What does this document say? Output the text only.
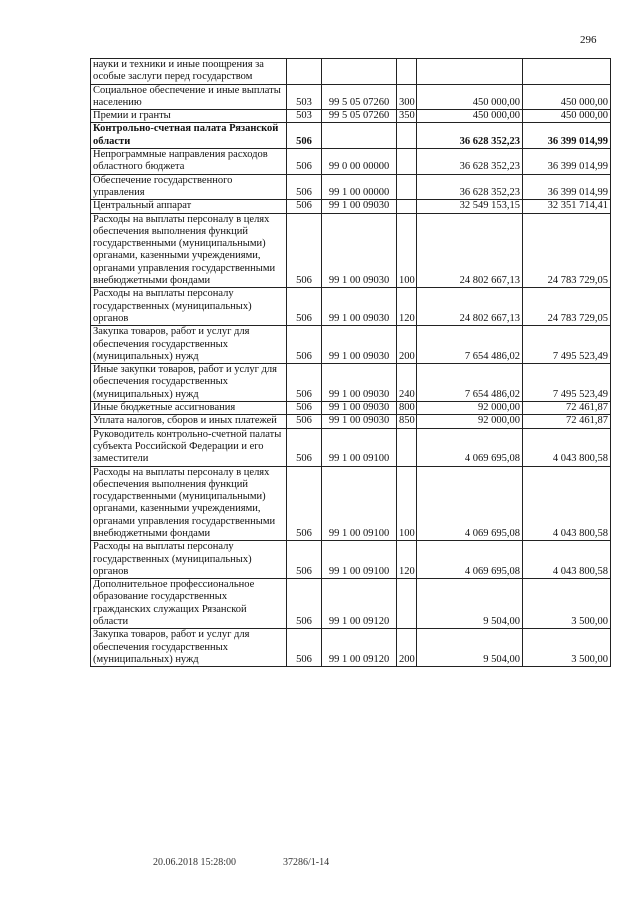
296
науки и техники и иные поощрения за особые заслуги перед государством					
Социальное обеспечение и иные выплаты населению	503	99 5 05 07260	300	450 000,00	450 000,00
Премии и гранты	503	99 5 05 07260	350	450 000,00	450 000,00
Контрольно-счетная палата Рязанской области	506			36 628 352,23	36 399 014,99
Непрограммные направления расходов областного бюджета	506	99 0 00 00000		36 628 352,23	36 399 014,99
Обеспечение государственного управления	506	99 1 00 00000		36 628 352,23	36 399 014,99
Центральный аппарат	506	99 1 00 09030		32 549 153,15	32 351 714,41
Расходы на выплаты персоналу в целях обеспечения выполнения функций государственными (муниципальными) органами, казенными учреждениями, органами управления государственными внебюджетными фондами	506	99 1 00 09030	100	24 802 667,13	24 783 729,05
Расходы на выплаты персоналу государственных (муниципальных) органов	506	99 1 00 09030	120	24 802 667,13	24 783 729,05
Закупка товаров, работ и услуг для обеспечения государственных (муниципальных) нужд	506	99 1 00 09030	200	7 654 486,02	7 495 523,49
Иные закупки товаров, работ и услуг для обеспечения государственных (муниципальных) нужд	506	99 1 00 09030	240	7 654 486,02	7 495 523,49
Иные бюджетные ассигнования	506	99 1 00 09030	800	92 000,00	72 461,87
Уплата налогов, сборов и иных платежей	506	99 1 00 09030	850	92 000,00	72 461,87
Руководитель контрольно-счетной палаты субъекта Российской Федерации и его заместители	506	99 1 00 09100		4 069 695,08	4 043 800,58
Расходы на выплаты персоналу в целях обеспечения выполнения функций государственными (муниципальными) органами, казенными учреждениями, органами управления государственными внебюджетными фондами	506	99 1 00 09100	100	4 069 695,08	4 043 800,58
Расходы на выплаты персоналу государственных (муниципальных) органов	506	99 1 00 09100	120	4 069 695,08	4 043 800,58
Дополнительное профессиональное образование государственных гражданских служащих Рязанской области	506	99 1 00 09120		9 504,00	3 500,00
Закупка товаров, работ и услуг для обеспечения государственных (муниципальных) нужд	506	99 1 00 09120	200	9 504,00	3 500,00
20.06.2018 15:28:00	37286/1-14
